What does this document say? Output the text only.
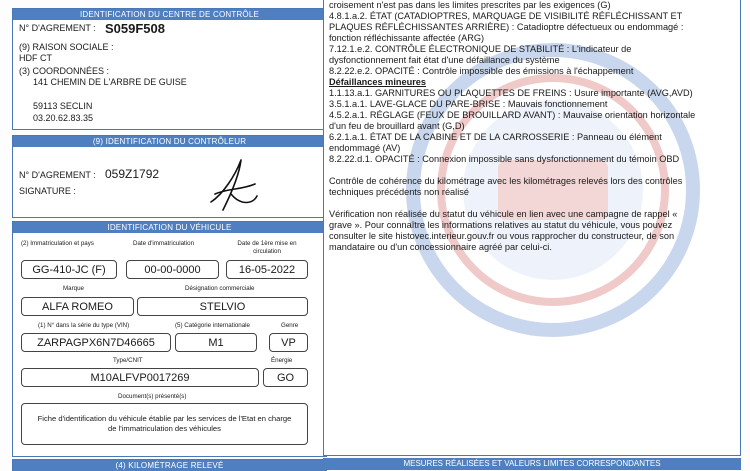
IDENTIFICATION DU CENTRE DE CONTRÔLE
N° D'AGREMENT : S059F508
(9) RAISON SOCIALE :
HDF CT
(3) COORDONNÉES :
141 CHEMIN DE L'ARBRE DE GUISE
59113 SECLIN
03.20.62.83.35
(9) IDENTIFICATION DU CONTRÔLEUR
N° D'AGREMENT : 059Z1792
SIGNATURE :
IDENTIFICATION DU VÉHICULE
(2) Immatriculation et pays	Date d'immatriculation	Date de 1ère mise en
circulation
GG-410-JC (F)	00-00-0000	16-05-2022
Marque	Désignation commerciale
ALFA ROMEO	STELVIO
(1) N° dans la série du type (VIN)	(5) Catégorie internationale	Genre
ZARPAGPX6N7D46665	M1	VP
Type/CNIT	Énergie
M10ALFVP0017269	GO
Document(s) présenté(s)
Fiche d'identification du véhicule établie par les services de l'Etat en charge
de l'immatriculation des véhicules
(4) KILOMÉTRAGE RELEVÉ

croisement n'est pas dans les limites prescrites par les exigences (G)

4.8.1.a.2. ÉTAT (CATADIOPTRES, MARQUAGE DE VISIBILITÉ RÉFLÉCHISSANT ET

PLAQUES RÉFLÉCHISSANTES ARRIÈRE) : Catadioptre défectueux ou endommagé :

fonction réfléchissante affectée (ARG)

7.12.1.e.2. CONTRÔLE ÉLECTRONIQUE DE STABILITÉ : L'indicateur de

dysfonctionnement fait état d'une défaillance du système

8.2.22.e.2. OPACITÉ : Contrôle impossible des émissions à l'échappement

Défaillances mineures

1.1.13.a.1. GARNITURES OU PLAQUETTES DE FREINS : Usure importante (AVG,AVD)

3.5.1.a.1. LAVE-GLACE DU PARE-BRISE : Mauvais fonctionnement

4.5.2.a.1. RÉGLAGE (FEUX DE BROUILLARD AVANT) : Mauvaise orientation horizontale

d'un feu de brouillard avant (G,D)

6.2.1.a.1. ÉTAT DE LA CABINE ET DE LA CARROSSERIE : Panneau ou élément

endommagé (AV)

8.2.22.d.1. OPACITÉ : Connexion impossible sans dysfonctionnement du témoin OBD

Contrôle de cohérence du kilométrage avec les kilométrages relevés lors des contrôles

techniques précédents non réalisé

Vérification non réalisée du statut du véhicule en lien avec une campagne de rappel «

grave ». Pour connaître les informations relatives au statut du véhicule, vous pouvez

consulter le site histovec.interieur.gouv.fr ou vous rapprocher du constructeur, de son

mandataire ou d'un concessionnaire agréé par celui-ci.

MESURES RÉALISÉES ET VALEURS LIMITES CORRESPONDANTES
